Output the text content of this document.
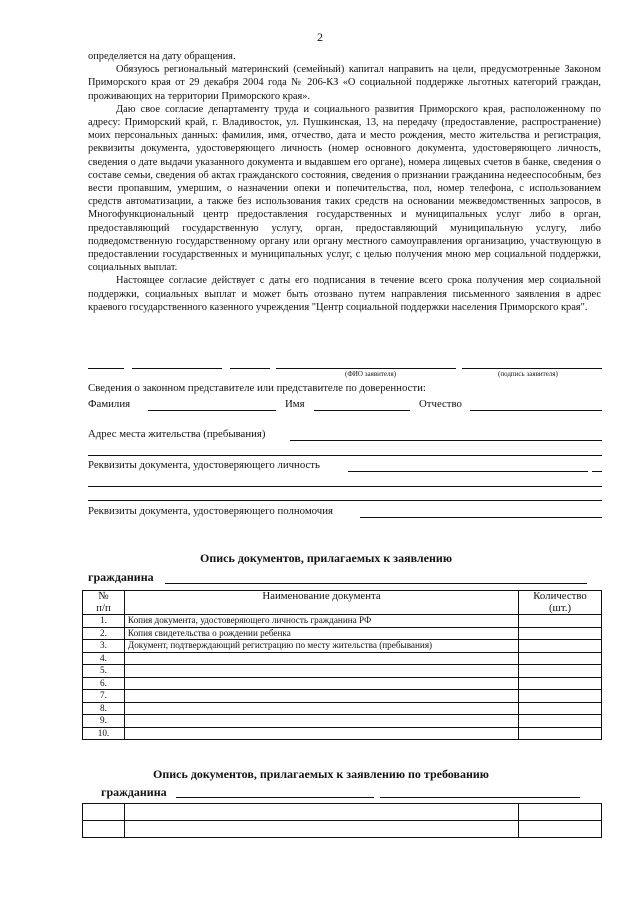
2

определяется на дату обращения.

Обязуюсь региональный материнский (семейный) капитал направить на цели, предусмотренные Законом Приморского края от 29 декабря 2004 года № 206-КЗ «О социальной поддержке льготных категорий граждан, проживающих на территории Приморского края».

Даю свое согласие департаменту труда и социального развития Приморского края, расположенному по адресу: Приморский край, г. Владивосток, ул. Пушкинская, 13, на передачу (предоставление, распространение) моих персональных данных: фамилия, имя, отчество, дата и место рождения, место жительства и регистрация, реквизиты документа, удостоверяющего личность (номер основного документа, удостоверяющего личность, сведения о дате выдачи указанного документа и выдавшем его органе), номера лицевых счетов в банке, сведения о составе семьи, сведения об актах гражданского состояния, сведения о признании гражданина недееспособным, без вести пропавшим, умершим, о назначении опеки и попечительства, пол, номер телефона, с использованием средств автоматизации, а также без использования таких средств на основании межведомственных запросов, в Многофункциональный центр предоставления государственных и муниципальных услуг либо в орган, предоставляющий государственную услугу, орган, предоставляющий муниципальную услугу, либо подведомственную государственному органу или органу местного самоуправления организацию, участвующую в предоставлении государственных и муниципальных услуг, с целью получения мною мер социальной поддержки, социальных выплат.

Настоящее согласие действует с даты его подписания в течение всего срока получения мер социальной поддержки, социальных выплат и может быть отозвано путем направления письменного заявления в адрес краевого государственного казенного учреждения "Центр социальной поддержки населения Приморского края".

(ФИО заявителя)	(подпись заявителя)
Сведения о законном представителе или представителе по доверенности:
Фамилия	Имя	Отчество
Адрес места жительства (пребывания)
Реквизиты документа, удостоверяющего личность
Реквизиты документа, удостоверяющего полномочия
Опись документов, прилагаемых к заявлению
гражданина
№	Наименование документа	Количество
п/п		(шт.)
1.	Копия документа, удостоверяющего личность гражданина РФ	
2.	Копия свидетельства о рождении ребенка	
3.	Документ, подтверждающий регистрацию по месту жительства (пребывания)	
4.		
5.		
6.		
7.		
8.		
9.		
10.		
Опись документов, прилагаемых к заявлению по требованию
гражданина
